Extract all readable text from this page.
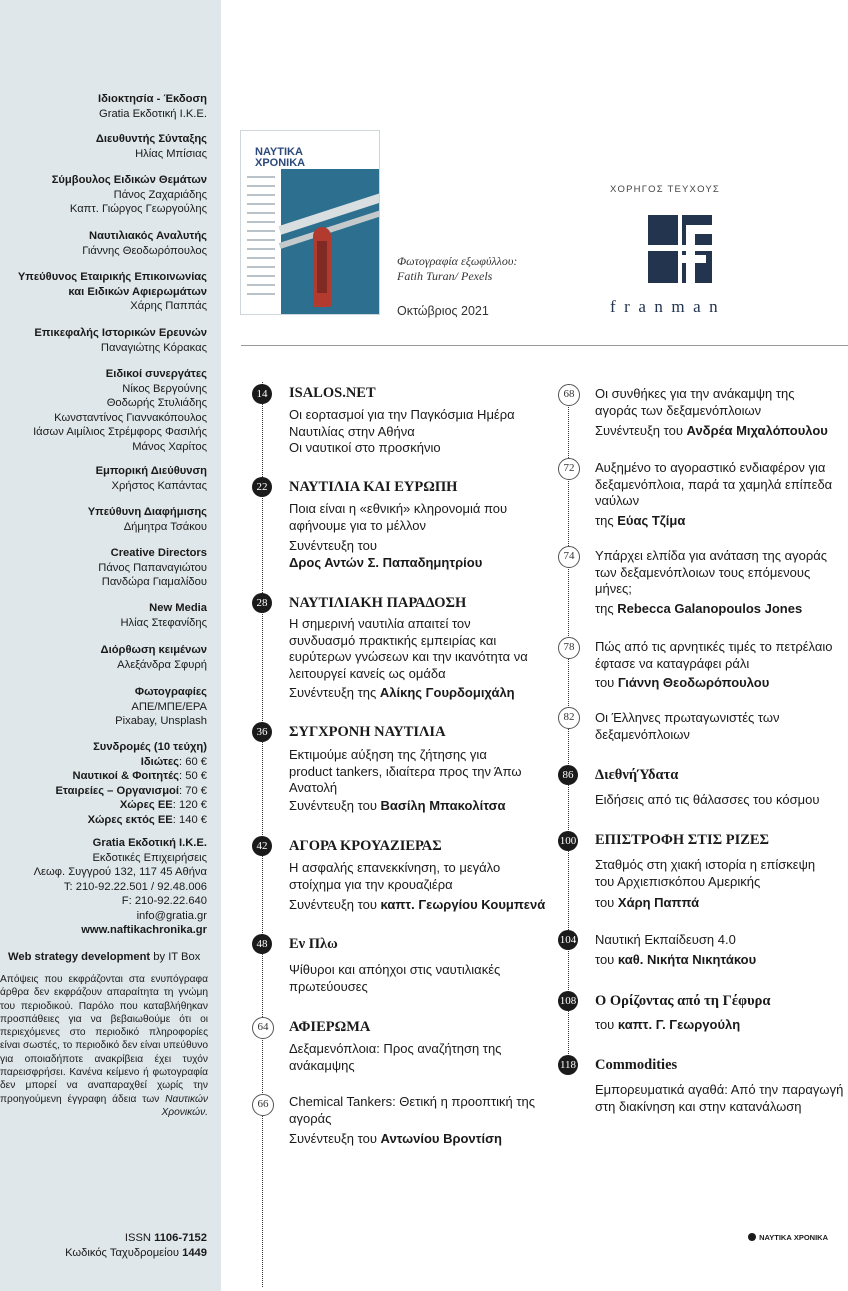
Ιδιοκτησία - Έκδοση
Gratia Εκδοτική Ι.Κ.Ε.
Διευθυντής Σύνταξης
Ηλίας Μπίσιας
Σύμβουλος Ειδικών Θεμάτων
Πάνος Ζαχαριάδης
Καπτ. Γιώργος Γεωργούλης
Ναυτιλιακός Αναλυτής
Γιάννης Θεοδωρόπουλος
Υπεύθυνος Εταιρικής Επικοινωνίας και Ειδικών Αφιερωμάτων
Χάρης Παππάς
Επικεφαλής Ιστορικών Ερευνών
Παναγιώτης Κόρακας
Ειδικοί συνεργάτες
Νίκος Βεργούνης
Θοδωρής Στυλιάδης
Κωνσταντίνος Γιαννακόπουλος
Ιάσων Αιμίλιος Στρέμφορς Φασιλής
Μάνος Χαρίτος
Εμπορική Διεύθυνση
Χρήστος Καπάντας
Υπεύθυνη Διαφήμισης
Δήμητρα Τσάκου
Creative Directors
Πάνος Παπαναγιώτου
Πανδώρα Γιαμαλίδου
New Media
Ηλίας Στεφανίδης
Διόρθωση κειμένων
Αλεξάνδρα Σφυρή
Φωτογραφίες
ΑΠΕ/ΜΠΕ/EPA
Pixabay, Unsplash
Συνδρομές (10 τεύχη)
Ιδιώτες: 60 €
Ναυτικοί & Φοιτητές: 50 €
Εταιρείες – Οργανισμοί: 70 €
Χώρες ΕΕ: 120 €
Χώρες εκτός ΕΕ: 140 €
Gratia Εκδοτική Ι.Κ.Ε.
Εκδοτικές Επιχειρήσεις
Λεωφ. Συγγρού 132, 117 45 Αθήνα
T: 210-92.22.501 / 92.48.006
F: 210-92.22.640
info@gratia.gr
www.naftikachronika.gr
Web strategy development by IT Box
Απόψεις που εκφράζονται στα ενυπόγραφα άρθρα δεν εκφράζουν απαραίτητα τη γνώμη του περιοδικού. Παρόλο που καταβλήθηκαν προσπάθειες για να βεβαιωθούμε ότι οι περιεχόμενες στο περιοδικό πληροφορίες είναι σωστές, το περιοδικό δεν είναι υπεύθυνο για οποιαδήποτε ανακρίβεια έχει τυχόν παρεισφρήσει. Κανένα κείμενο ή φωτογραφία δεν μπορεί να αναπαραχθεί χωρίς την προηγούμενη έγγραφη άδεια των Ναυτικών Χρονικών.
ISSN 1106-7152
Κωδικός Ταχυδρομείου 1449
ΝΑΥΤΙΚΑ
ΧΡΟΝΙΚΑ
Φωτογραφία εξωφύλλου:
Fatih Turan/ Pexels
Οκτώβριος 2021
ΧΟΡΗΓΟΣ ΤΕΥΧΟΥΣ
franman
14	ISALOS.NET
Οι εορτασμοί για την Παγκόσμια Ημέρα Ναυτιλίας στην Αθήνα
Οι ναυτικοί στο προσκήνιο
22	ΝΑΥΤΙΛΙΑ ΚΑΙ ΕΥΡΩΠΗ
Ποια είναι η «εθνική» κληρονομιά που αφήνουμε για το μέλλον
Συνέντευξη του
Δρος Αντών Σ. Παπαδημητρίου
28	ΝΑΥΤΙΛΙΑΚΗ ΠΑΡΑΔΟΣΗ
Η σημερινή ναυτιλία απαιτεί τον συνδυασμό πρακτικής εμπειρίας και ευρύτερων γνώσεων και την ικανότητα να λειτουργεί κανείς ως ομάδα
Συνέντευξη της Αλίκης Γουρδομιχάλη
36	ΣΥΓΧΡΟΝΗ ΝΑΥΤΙΛΙΑ
Εκτιμούμε αύξηση της ζήτησης για product tankers, ιδιαίτερα προς την Άπω Ανατολή
Συνέντευξη του Βασίλη Μπακολίτσα
42	ΑΓΟΡΑ ΚΡΟΥΑΖΙΕΡΑΣ
Η ασφαλής επανεκκίνηση, το μεγάλο στοίχημα για την κρουαζιέρα
Συνέντευξη του καπτ. Γεωργίου Κουμπενά
48	Εν Πλω
Ψίθυροι και απόηχοι στις ναυτιλιακές πρωτεύουσες
64	ΑΦΙΕΡΩΜΑ
Δεξαμενόπλοια: Προς αναζήτηση της ανάκαμψης
66	Chemical Tankers: Θετική η προοπτική της αγοράς
Συνέντευξη του Αντωνίου Βροντίση
68	Οι συνθήκες για την ανάκαμψη της αγοράς των δεξαμενόπλοιων
Συνέντευξη του Ανδρέα Μιχαλόπουλου
72	Αυξημένο το αγοραστικό ενδιαφέρον για δεξαμενόπλοια, παρά τα χαμηλά επίπεδα ναύλων
της Εύας Τζίμα
74	Υπάρχει ελπίδα για ανάταση της αγοράς των δεξαμενόπλοιων τους επόμενους μήνες;
της Rebecca Galanopoulos Jones
78	Πώς από τις αρνητικές τιμές το πετρέλαιο έφτασε να καταγράφει ράλι
του Γιάννη Θεοδωρόπουλου
82	Οι Έλληνες πρωταγωνιστές των δεξαμενόπλοιων
86	ΔιεθνήΎδατα
Ειδήσεις από τις θάλασσες του κόσμου
100 ΕΠΙΣΤΡΟΦΗ ΣΤΙΣ ΡΙΖΕΣ
Σταθμός στη χιακή ιστορία η επίσκεψη του Αρχιεπισκόπου Αμερικής
του Χάρη Παππά
104 Ναυτική Εκπαίδευση 4.0
του καθ. Νικήτα Νικητάκου
108 Ο Ορίζοντας από τη Γέφυρα
του καπτ. Γ. Γεωργούλη
118 Commodities
Εμπορευματικά αγαθά: Από την παραγωγή στη διακίνηση και στην κατανάλωση
ΝΑΥΤΙΚΑ ΧΡΟΝΙΚΑ
